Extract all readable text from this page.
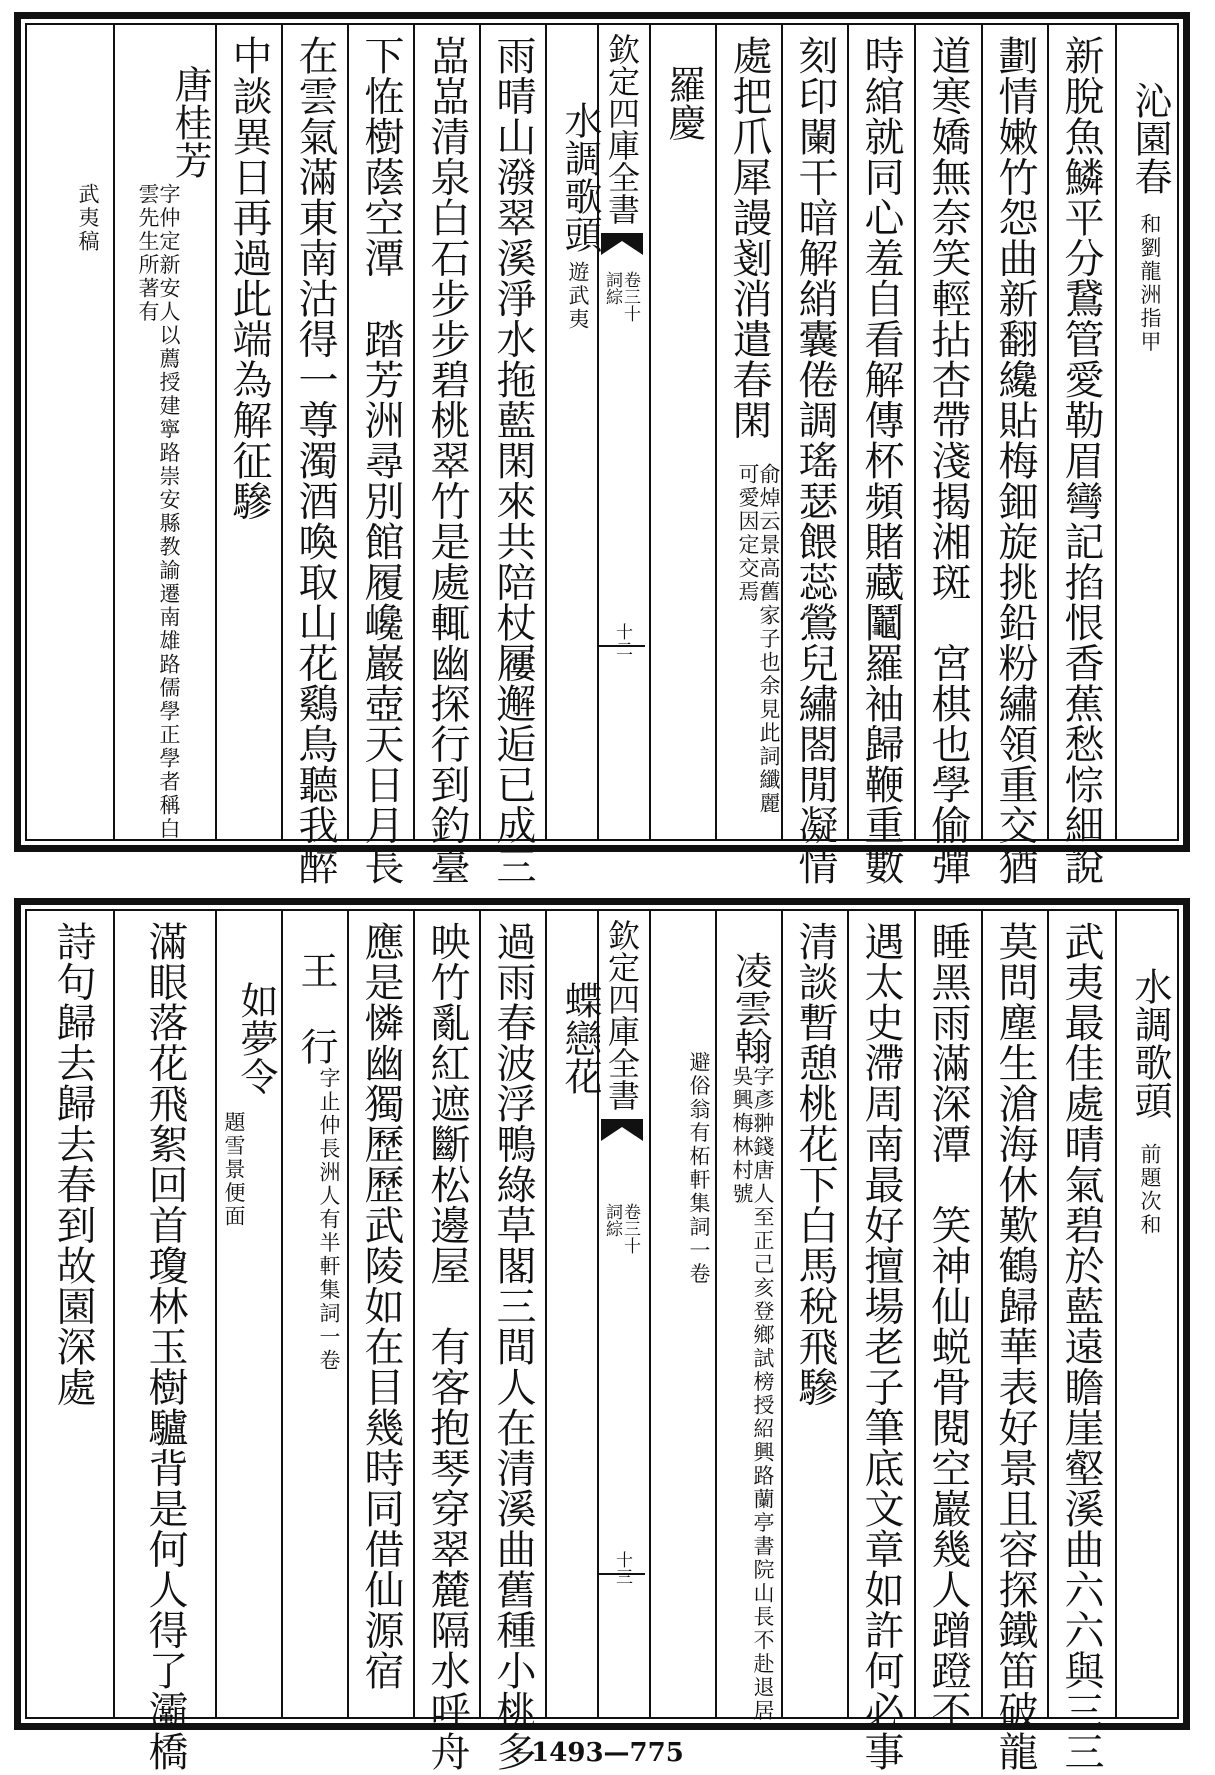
沁園春
和劉龍洲指甲
新脫魚鱗平分鵞管愛勒眉彎記掐恨香蕉愁悰細說
劃情嫩竹怨曲新翻纔貼梅鈿旋挑鉛粉繡領重交猶
道寒嬌無奈笑輕拈杏帶淺揭湘斑　宮棋也學偷彈
時綰就同心羞自看解傳杯頻賭藏鬮羅袖歸鞭重數
刻印闌干暗解綃囊倦調瑤瑟餵蕊鶯兒繡閤閒凝情
處把爪犀謾剗消遣春閑
俞焯云景高舊家子也余見此詞纖麗可愛因定交焉
羅慶
欽定四庫全書
詞綜
卷三十
十二
水調歌頭
遊武夷
雨晴山潑翠溪淨水拖藍閑來共陪杖屨邂逅已成三
嵓嵓清泉白石步步碧桃翠竹是處輒幽探行到釣臺
下恠樹蔭空潭　踏芳洲尋別館履巉巖壺天日月長
在雲氣滿東南沽得一尊濁酒喚取山花鷄鳥聽我醉
中談異日再過此端為解征驂
唐桂芳
字仲定新安人以薦授建寧路崇安縣教諭遷南雄路儒學正學者稱白雲先生所著有
武夷稿
水調歌頭
前題次和
武夷最佳處晴氣碧於藍遠瞻崖壑溪曲六六與三三
莫問塵生滄海休歎鶴歸華表好景且容探鐵笛破龍
睡黑雨滿深潭　笑神仙蜕骨閱空巖幾人蹭蹬不
遇太史滯周南最好擅場老子筆底文章如許何必事
清談暫憩桃花下白馬稅飛驂
凌雲翰
字彥翀錢唐人至正己亥登鄉試榜授紹興路蘭亭書院山長不赴退居吳興梅林村號
避俗翁有柘軒集詞一卷
欽定四庫全書
詞綜
卷三十
十三
蝶戀花
過雨春波浮鴨綠草閣三間人在清溪曲舊種小桃多
映竹亂紅遮斷松邊屋　有客抱琴穿翠麓隔水呼舟
應是憐幽獨歷歷武陵如在目幾時同借仙源宿
王　行
字止仲長洲人有半軒集詞一卷
如夢令
題雪景便面
滿眼落花飛絮回首瓊林玉樹驢背是何人得了灞橋
詩句歸去歸去春到故園深處
1493—775
